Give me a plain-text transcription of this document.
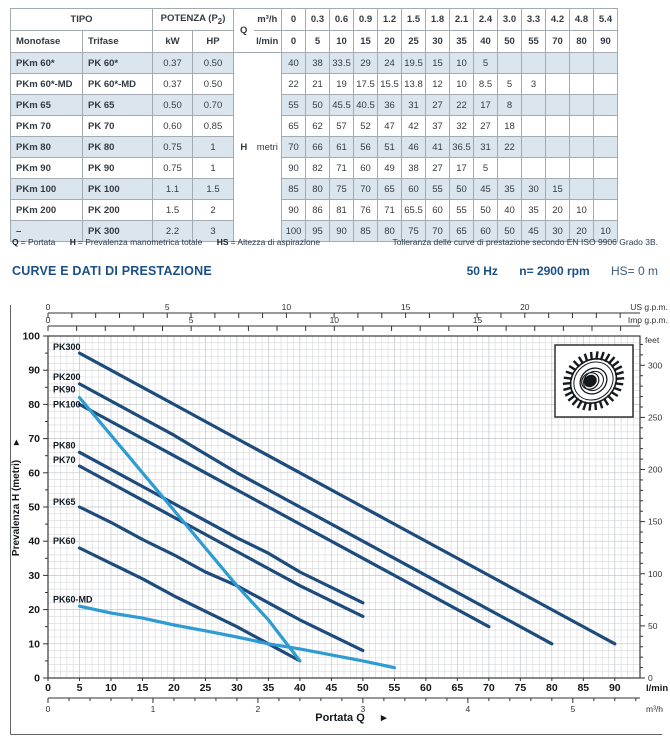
TIPO		POTENZA $(P_2)$		Q	m³/h	0	0.3	0.6	0.9	1.2	1.5	1.8	2.1	2.4	3.0	3.3	4.2	4.8	5.4
Monofase	Trifase	kW	HP		l/min	0	5	10	15	20	25	30	35	40	50	55	70	80	90
PKm 60*	PK 60*	0.37	0.50	H	metri	40	38	33.5	29	24	19.5	15	10	5					
PKm 60*-MD	PK 60*-MD	0.37	0.50			22	21	19	17.5	15.5	13.8	12	10	8.5	5	3			
PKm 65	PK 65	0.50	0.70			55	50	45.5	40.5	36	31	27	22	17	8				
PKm 70	PK 70	0.60	0.85			65	62	57	52	47	42	37	32	27	18				
PKm 80	PK 80	0.75	1			70	66	61	56	51	46	41	36.5	31	22				
PKm 90	PK 90	0.75	1			90	82	71	60	49	38	27	17	5					
PKm 100	PK 100	1.1	1.5			85	80	75	70	65	60	55	50	45	35	30	15		
PKm 200	PK 200	1.5	2			90	86	81	76	71	65.5	60	55	50	40	35	20	10	
–	PK 300	2.2	3			100	95	90	85	80	75	70	65	60	50	45	30	20	10
Q = Portata H = Prevalenza manometrica totale HS = Altezza di aspirazione	Tolleranza delle curve di prestazione secondo EN ISO 9906 Grado 3B.
CURVE E DATI DI PRESTAZIONE	50 Hz n= 2900 rpm HS= 0 m
0	5	10	15	20	US g.p.m.
0	5	10	15	Imp g.p.m.
0
10
20
30
40
50
60
70
80
90
100
0
50
100
150
200
250
300
feet
0 5 10 15 20 25 30 35 40 45 50 55 60 65 70 75 80 85 90	l/min
0	1	2	3	4	5	m³/h
Portata Q ▸
Prevalenza H (metri)
▸
PK300
PK200
PK100
PK80
PK70
PK65
PK60
PK90
PK60-MD
